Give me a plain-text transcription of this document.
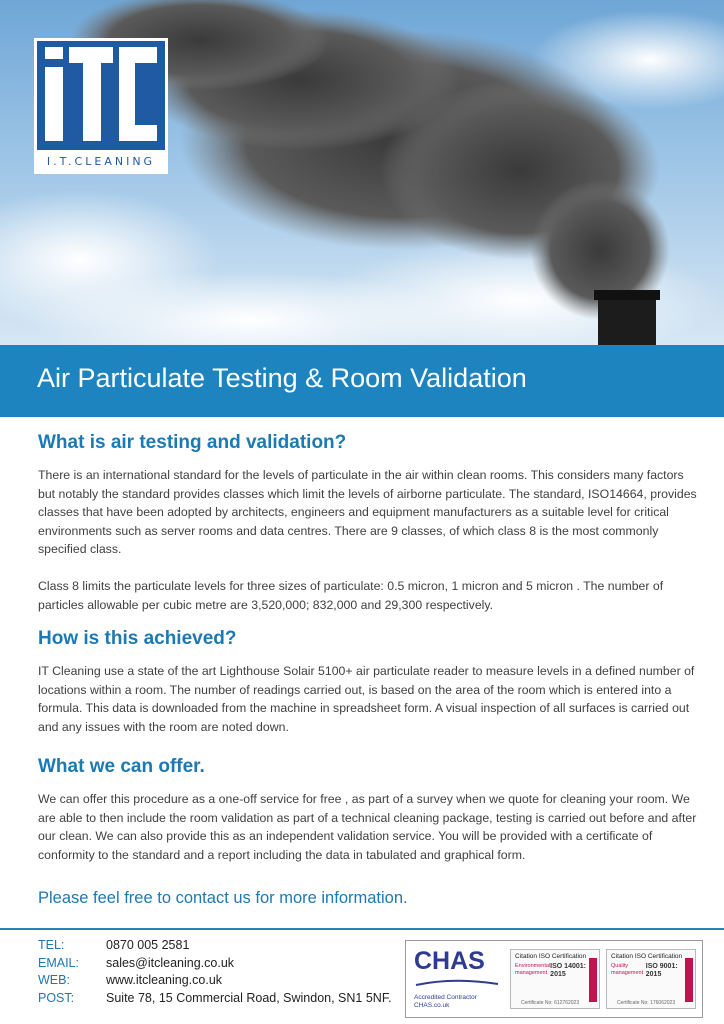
I.T.CLEANING
Air Particulate Testing & Room Validation
What is air testing and validation?

There is an international standard for the levels of particulate in the air within clean rooms. This considers many factors but notably the standard provides classes which limit the levels of airborne particulate. The standard, ISO14664, provides classes that have been adopted by architects, engineers and equipment manufacturers as a suitable level for critical environments such as server rooms and data centres. There are 9 classes, of which class 8 is the most commonly specified class.

Class 8 limits the particulate levels for three sizes of particulate: 0.5 micron, 1 micron and 5 micron . The number of particles allowable per cubic metre are 3,520,000; 832,000 and 29,300 respectively.

How is this achieved?

IT Cleaning use a state of the art Lighthouse Solair 5100+ air particulate reader to measure levels in a defined number of locations within a room. The number of readings carried out, is based on the area of the room which is entered into a formula. This data is downloaded from the machine in spreadsheet form. A visual inspection of all surfaces is carried out and any issues with the room are noted down.

What we can offer.

We can offer this procedure as a one-off service for free , as part of a survey when we quote for cleaning your room. We are able to then include the room validation as part of a technical cleaning package, testing is carried out before and after our clean. We can also provide this as an independent validation service. You will be provided with a certificate of conformity to the standard and a report including the data in tabulated and graphical form.

Please feel free to contact us for more information.
TEL:	0870 005 2581
EMAIL:	sales@itcleaning.co.uk
WEB:	www.itcleaning.co.uk
POST:	Suite 78, 15 Commercial Road, Swindon, SN1 5NF.
CHAS
Accredited Contractor
CHAS.co.uk
Citation ISO Certification
Environmental management
ISO 14001: 2015
Certificate No: 612762023
Citation ISO Certification
Quality management
ISO 9001: 2015
Certificate No: 176062023
